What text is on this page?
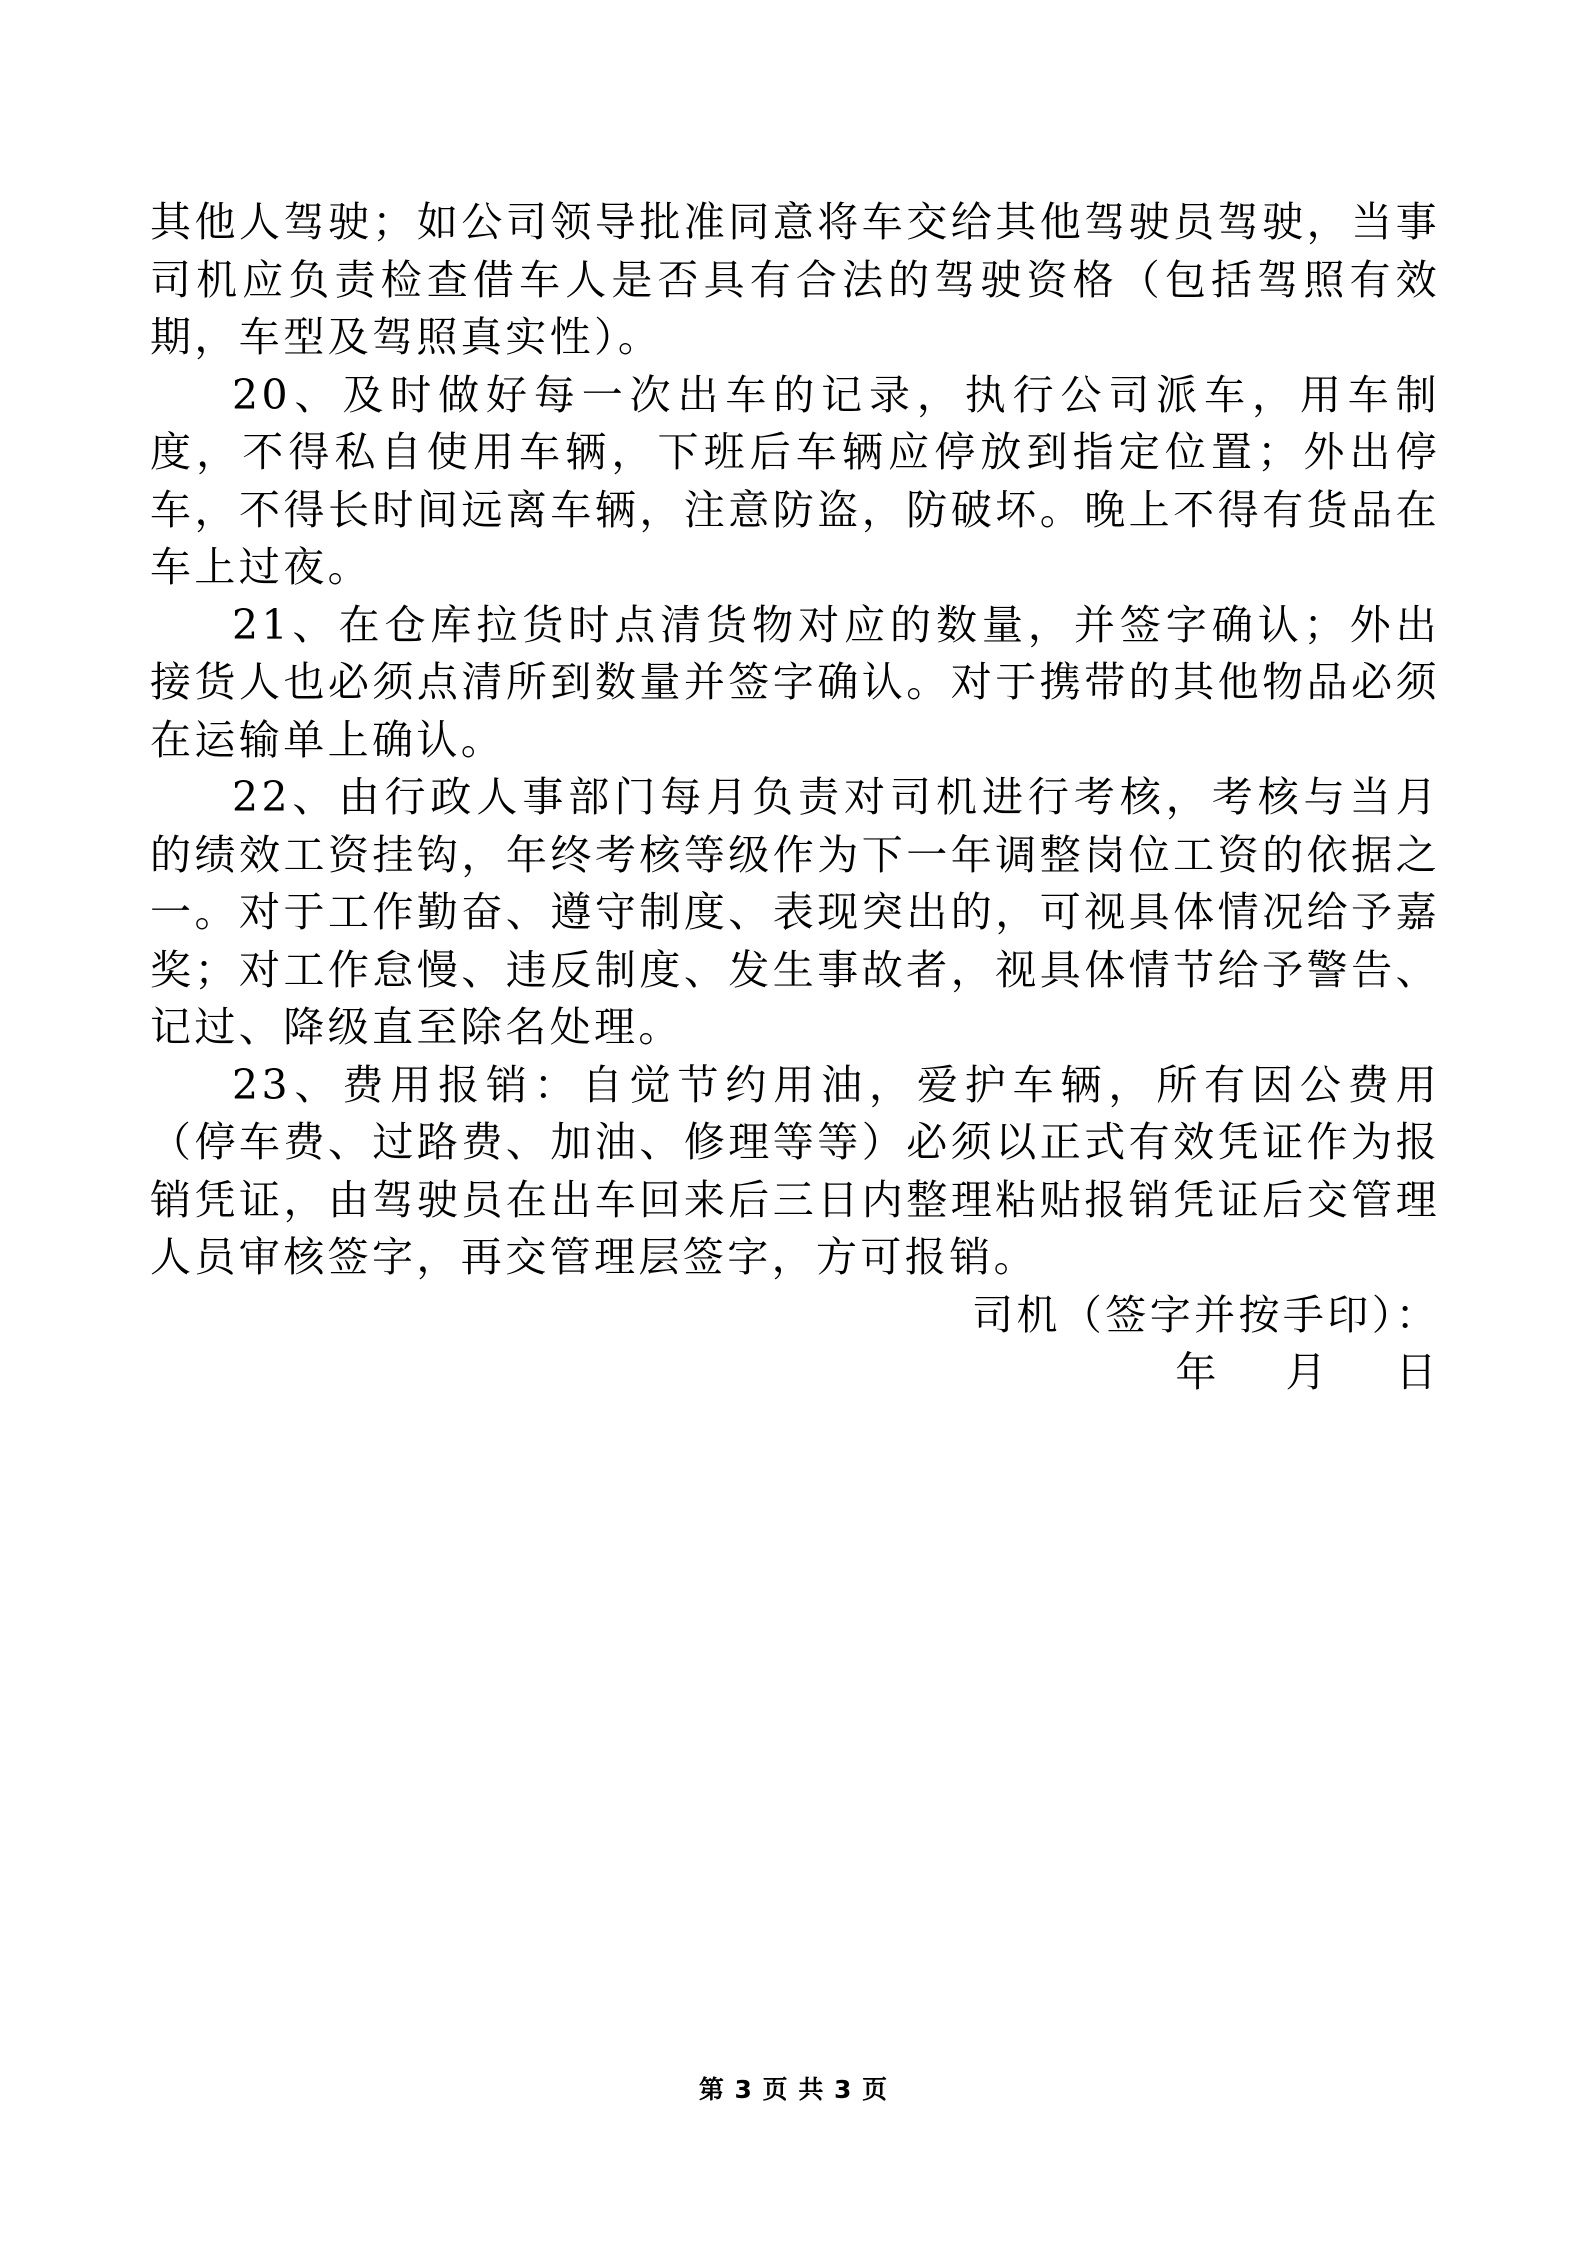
其他人驾驶；如公司领导批准同意将车交给其他驾驶员驾驶，当事司机应负责检查借车人是否具有合法的驾驶资格（包括驾照有效期，车型及驾照真实性）。

20、及时做好每一次出车的记录，执行公司派车，用车制度，不得私自使用车辆，下班后车辆应停放到指定位置；外出停车，不得长时间远离车辆，注意防盗，防破坏。晚上不得有货品在车上过夜。

21、在仓库拉货时点清货物对应的数量，并签字确认；外出接货人也必须点清所到数量并签字确认。对于携带的其他物品必须在运输单上确认。

22、由行政人事部门每月负责对司机进行考核，考核与当月的绩效工资挂钩，年终考核等级作为下一年调整岗位工资的依据之一。对于工作勤奋、遵守制度、表现突出的，可视具体情况给予嘉奖；对工作怠慢、违反制度、发生事故者，视具体情节给予警告、记过、降级直至除名处理。

23、费用报销：自觉节约用油，爱护车辆，所有因公费用（停车费、过路费、加油、修理等等）必须以正式有效凭证作为报销凭证，由驾驶员在出车回来后三日内整理粘贴报销凭证后交管理人员审核签字，再交管理层签字，方可报销。

司机（签字并按手印）：

年    月    日

第 3 页 共 3 页
